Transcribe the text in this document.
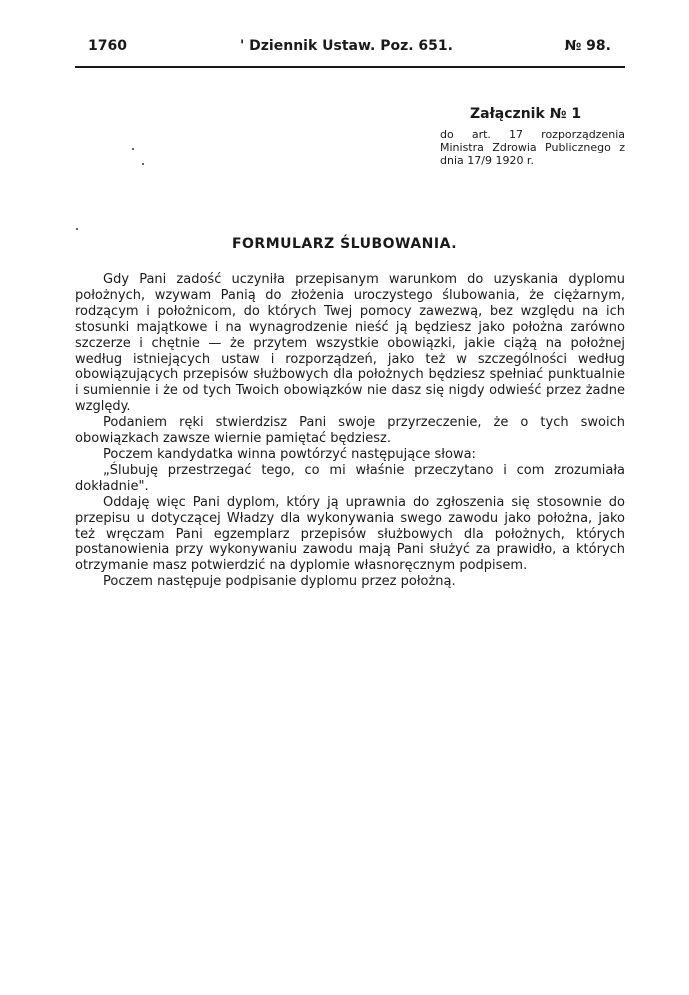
1760	' Dziennik Ustaw. Poz. 651.	№ 98.
Załącznik № 1
do art. 17 rozporządzenia Ministra Zdrowia Publicznego z dnia 17/9 1920 r.
FORMULARZ ŚLUBOWANIA.

Gdy Pani zadość uczyniła przepisanym warunkom do uzyskania dyplomu położnych, wzywam Panią do złożenia uroczystego ślubowania, że ciężarnym, rodzącym i położnicom, do których Twej pomocy zawezwą, bez względu na ich stosunki majątkowe i na wynagrodzenie nieść ją będziesz jako położna zarówno szczerze i chętnie — że przytem wszystkie obowiązki, jakie ciążą na położnej według istniejących ustaw i rozporządzeń, jako też w szczególności według obowiązujących przepisów służbowych dla położnych będziesz spełniać punktualnie i sumiennie i że od tych Twoich obowiązków nie dasz się nigdy odwieść przez żadne względy.

Podaniem ręki stwierdzisz Pani swoje przyrzeczenie, że o tych swoich obowiązkach zawsze wiernie pamiętać będziesz.

Poczem kandydatka winna powtórzyć następujące słowa:

„Ślubuję przestrzegać tego, co mi właśnie przeczytano i com zrozumiała dokładnie".

Oddaję więc Pani dyplom, który ją uprawnia do zgłoszenia się stosownie do przepisu u dotyczącej Władzy dla wykonywania swego zawodu jako położna, jako też wręczam Pani egzemplarz przepisów służbowych dla położnych, których postanowienia przy wykonywaniu zawodu mają Pani służyć za prawidło, a których otrzymanie masz potwierdzić na dyplomie własnoręcznym podpisem.

Poczem następuje podpisanie dyplomu przez położną.
